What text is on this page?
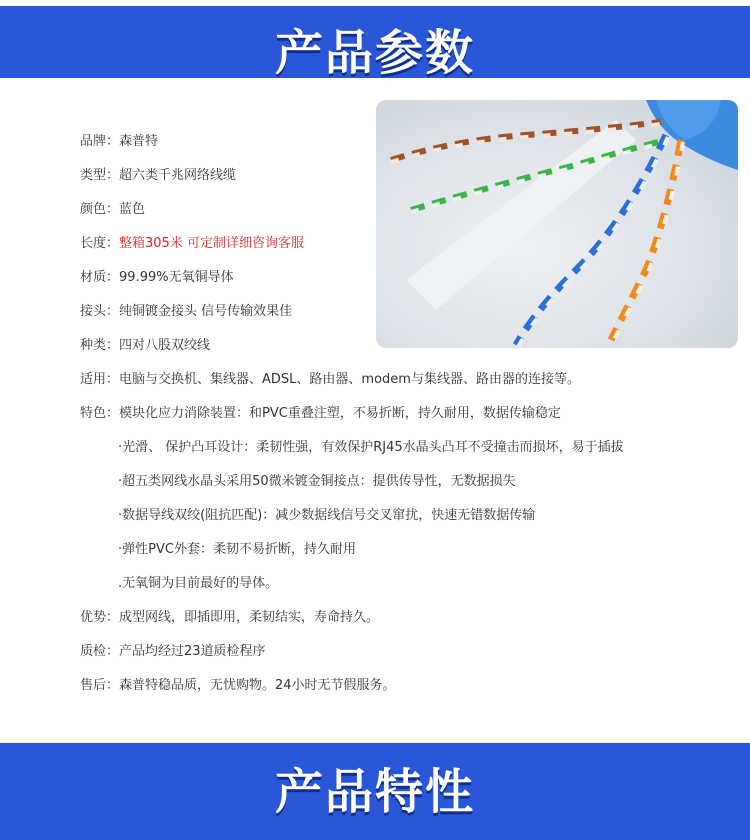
产品参数
品牌：森普特
类型：超六类千兆网络线缆
颜色：蓝色
长度：整箱305米 可定制详细咨询客服
材质：99.99%无氧铜导体
接头：纯铜镀金接头 信号传输效果佳
种类：四对八股双绞线
适用：电脑与交换机、集线器、ADSL、路由器、modem与集线器、路由器的连接等。
特色：模块化应力消除装置：和PVC重叠注塑，不易折断，持久耐用，数据传输稳定
·光滑、 保护凸耳设计：柔韧性强，有效保护RJ45水晶头凸耳不受撞击而损坏，易于插拔
·超五类网线水晶头采用50微米镀金铜接点：提供传导性，无数据损失
·数据导线双绞(阻抗匹配)：减少数据线信号交叉窜扰，快速无错数据传输
·弹性PVC外套：柔韧不易折断，持久耐用
.无氧铜为目前最好的导体。
优势：成型网线，即插即用，柔韧结实，寿命持久。
质检：产品均经过23道质检程序
售后：森普特稳品质，无忧购物。24小时无节假服务。
产品特性
